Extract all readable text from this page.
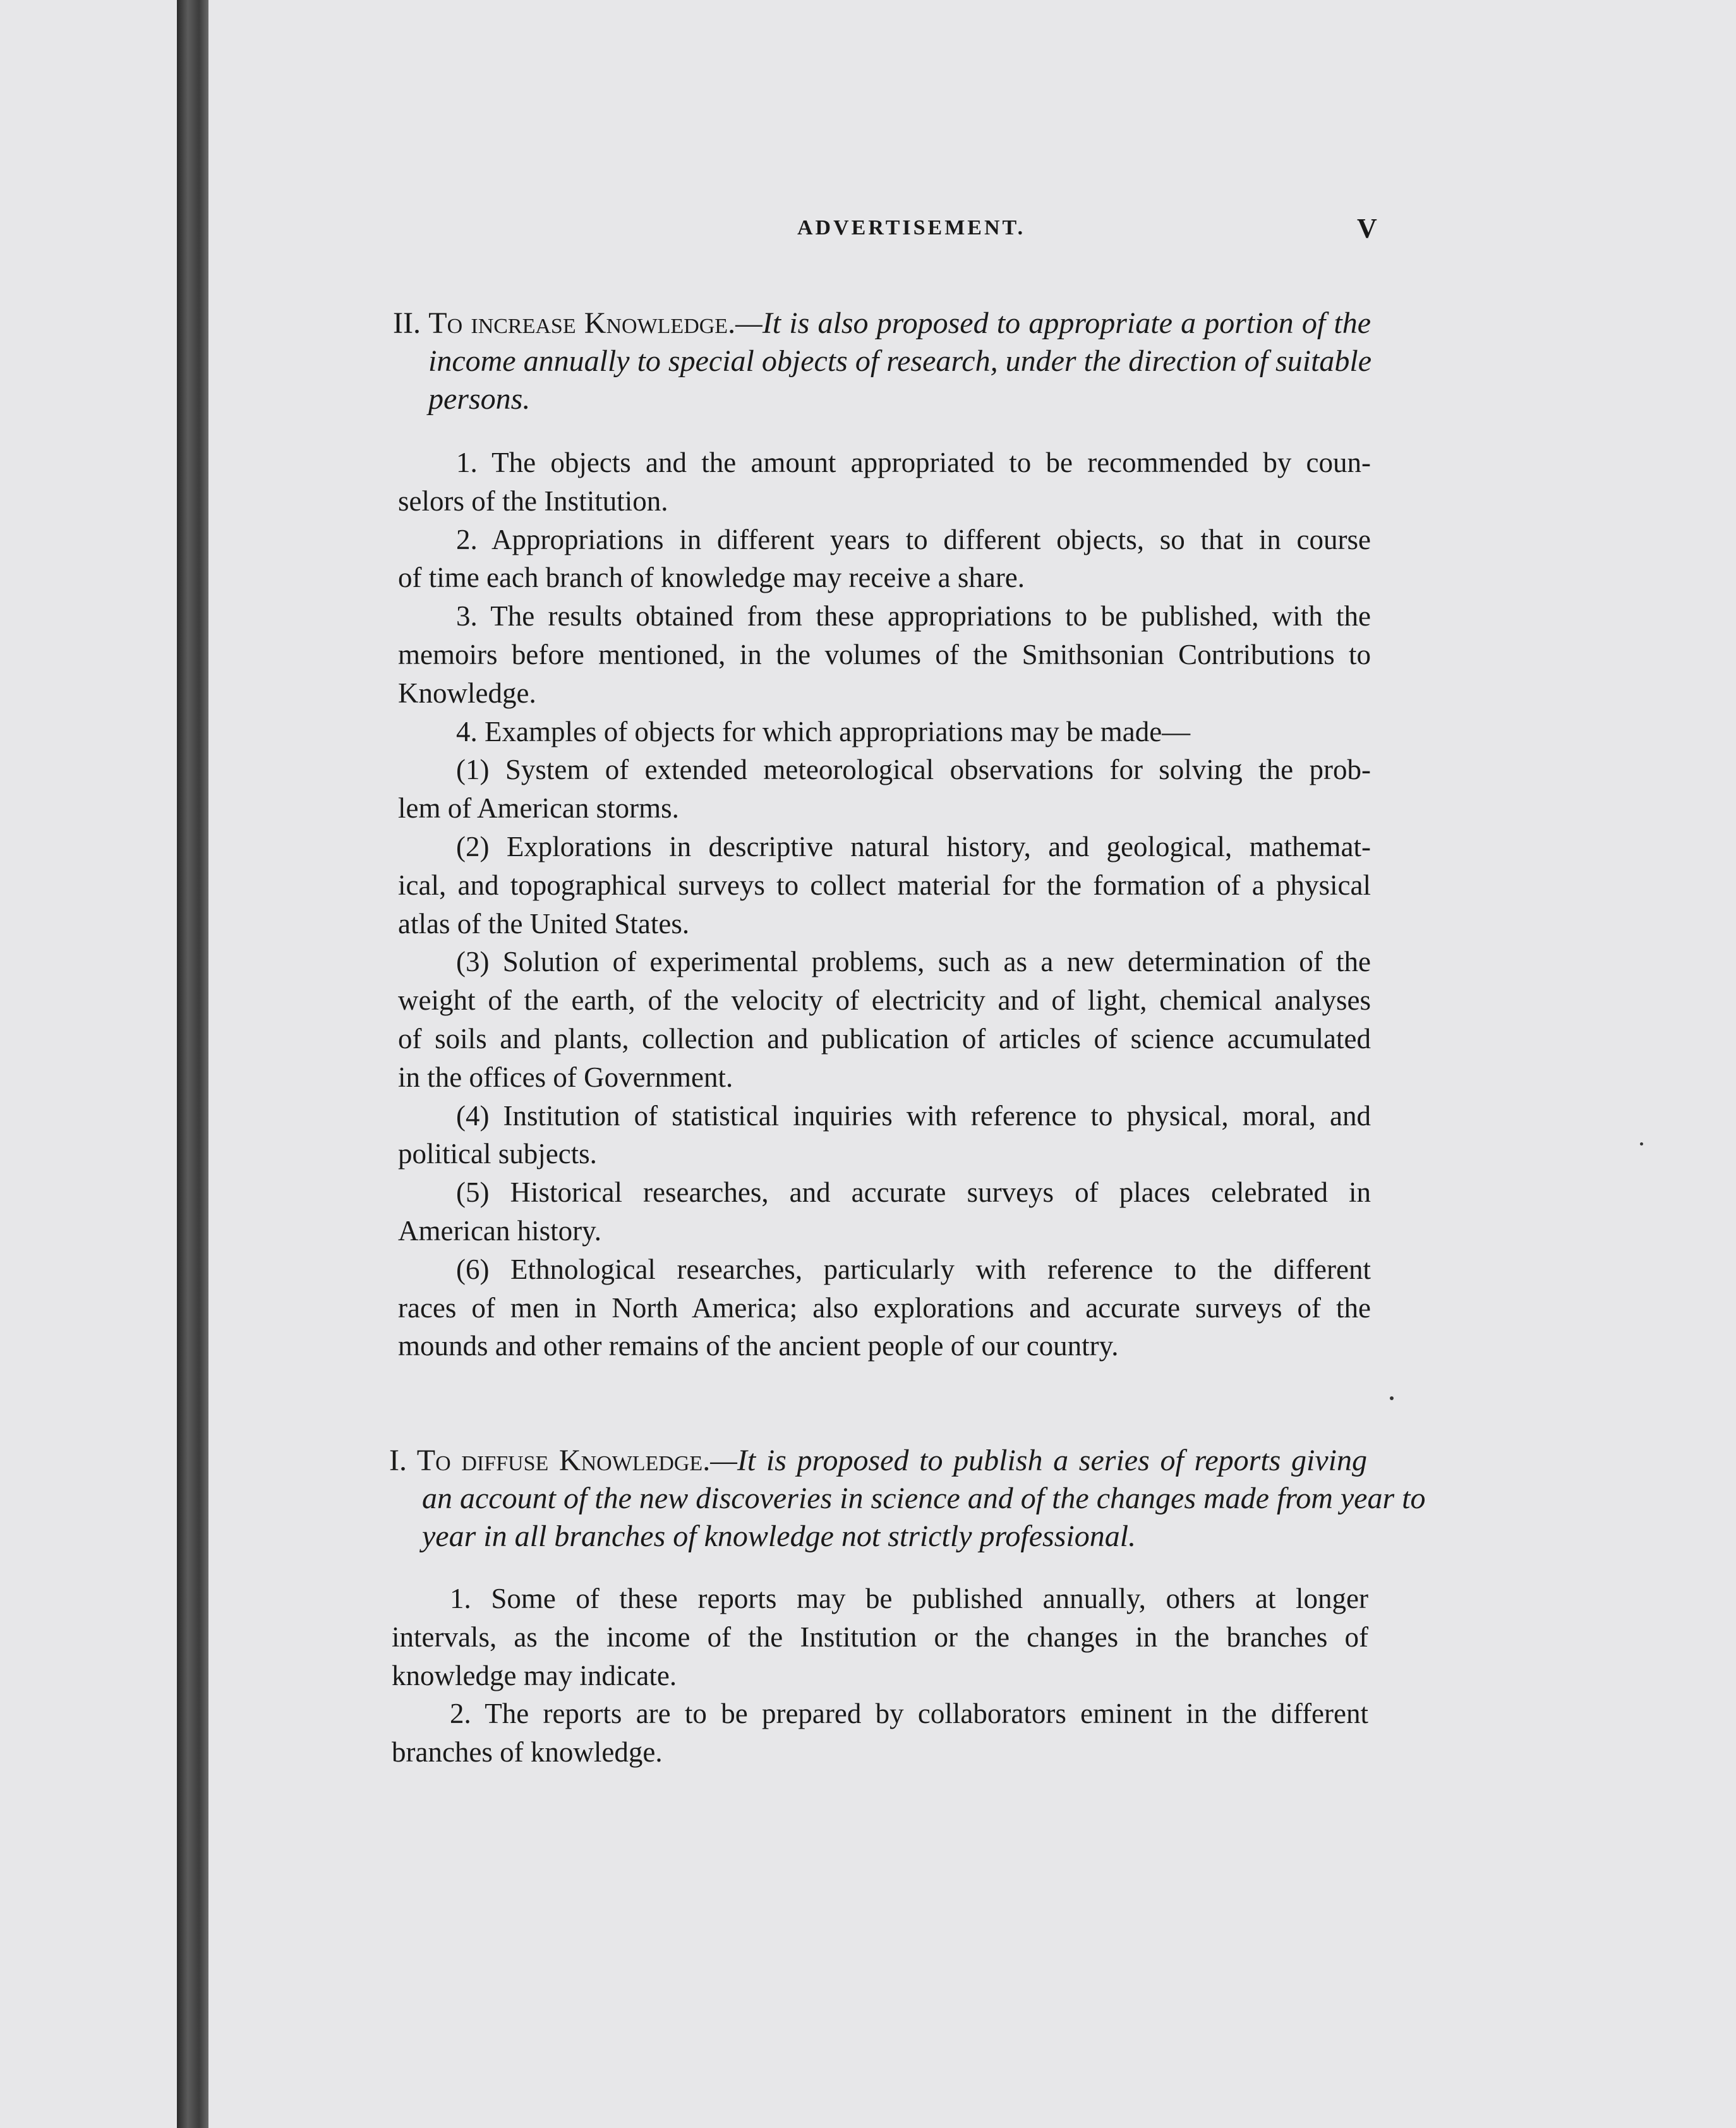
ADVERTISEMENT.	V
II. To increase Knowledge.—It is also proposed to appropriate a portion of the
income annually to special objects of research, under the direction of suitable
persons.
1. The objects and the amount appropriated to be recommended by coun-
selors of the Institution.
2. Appropriations in different years to different objects, so that in course
of time each branch of knowledge may receive a share.
3. The results obtained from these appropriations to be published, with the
memoirs before mentioned, in the volumes of the Smithsonian Contributions to
Knowledge.
4. Examples of objects for which appropriations may be made—
(1) System of extended meteorological observations for solving the prob-
lem of American storms.
(2) Explorations in descriptive natural history, and geological, mathemat-
ical, and topographical surveys to collect material for the formation of a physical
atlas of the United States.
(3) Solution of experimental problems, such as a new determination of the
weight of the earth, of the velocity of electricity and of light, chemical analyses
of soils and plants, collection and publication of articles of science accumulated
in the offices of Government.
(4) Institution of statistical inquiries with reference to physical, moral, and
political subjects.
(5) Historical researches, and accurate surveys of places celebrated in
American history.
(6) Ethnological researches, particularly with reference to the different
races of men in North America; also explorations and accurate surveys of the
mounds and other remains of the ancient people of our country.
I. To diffuse Knowledge.—It is proposed to publish a series of reports giving
an account of the new discoveries in science and of the changes made from year to
year in all branches of knowledge not strictly professional.
1. Some of these reports may be published annually, others at longer
intervals, as the income of the Institution or the changes in the branches of
knowledge may indicate.
2. The reports are to be prepared by collaborators eminent in the different
branches of knowledge.
